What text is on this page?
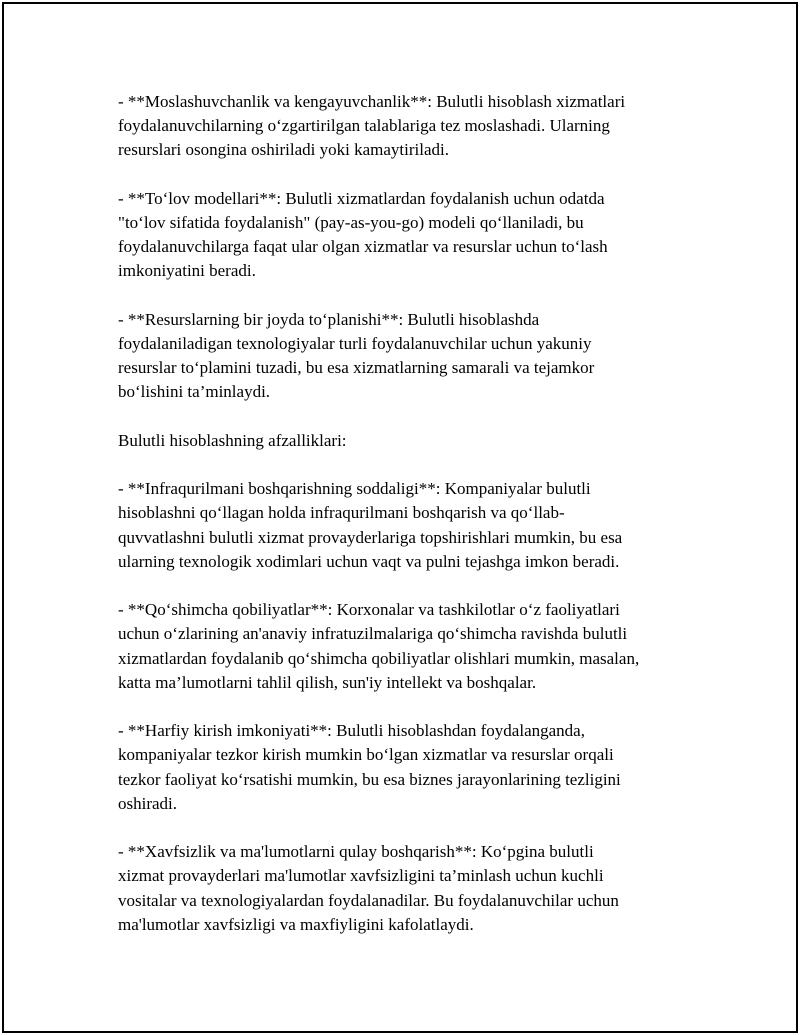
- **Moslashuvchanlik va kengayuvchanlik**: Bulutli hisoblash xizmatlari
foydalanuvchilarning o‘zgartirilgan talablariga tez moslashadi. Ularning
resurslari osongina oshiriladi yoki kamaytiriladi.

- **To‘lov modellari**: Bulutli xizmatlardan foydalanish uchun odatda
"to‘lov sifatida foydalanish" (pay-as-you-go) modeli qo‘llaniladi, bu
foydalanuvchilarga faqat ular olgan xizmatlar va resurslar uchun to‘lash
imkoniyatini beradi.

- **Resurslarning bir joyda to‘planishi**: Bulutli hisoblashda
foydalaniladigan texnologiyalar turli foydalanuvchilar uchun yakuniy
resurslar to‘plamini tuzadi, bu esa xizmatlarning samarali va tejamkor
bo‘lishini ta’minlaydi.

Bulutli hisoblashning afzalliklari:

- **Infraqurilmani boshqarishning soddaligi**: Kompaniyalar bulutli
hisoblashni qo‘llagan holda infraqurilmani boshqarish va qo‘llab-
quvvatlashni bulutli xizmat provayderlariga topshirishlari mumkin, bu esa
ularning texnologik xodimlari uchun vaqt va pulni tejashga imkon beradi.

- **Qo‘shimcha qobiliyatlar**: Korxonalar va tashkilotlar o‘z faoliyatlari
uchun o‘zlarining an'anaviy infratuzilmalariga qo‘shimcha ravishda bulutli
xizmatlardan foydalanib qo‘shimcha qobiliyatlar olishlari mumkin, masalan,
katta ma’lumotlarni tahlil qilish, sun'iy intellekt va boshqalar.

- **Harfiy kirish imkoniyati**: Bulutli hisoblashdan foydalanganda,
kompaniyalar tezkor kirish mumkin bo‘lgan xizmatlar va resurslar orqali
tezkor faoliyat ko‘rsatishi mumkin, bu esa biznes jarayonlarining tezligini
oshiradi.

- **Xavfsizlik va ma'lumotlarni qulay boshqarish**: Ko‘pgina bulutli
xizmat provayderlari ma'lumotlar xavfsizligini ta’minlash uchun kuchli
vositalar va texnologiyalardan foydalanadilar. Bu foydalanuvchilar uchun
ma'lumotlar xavfsizligi va maxfiyligini kafolatlaydi.
